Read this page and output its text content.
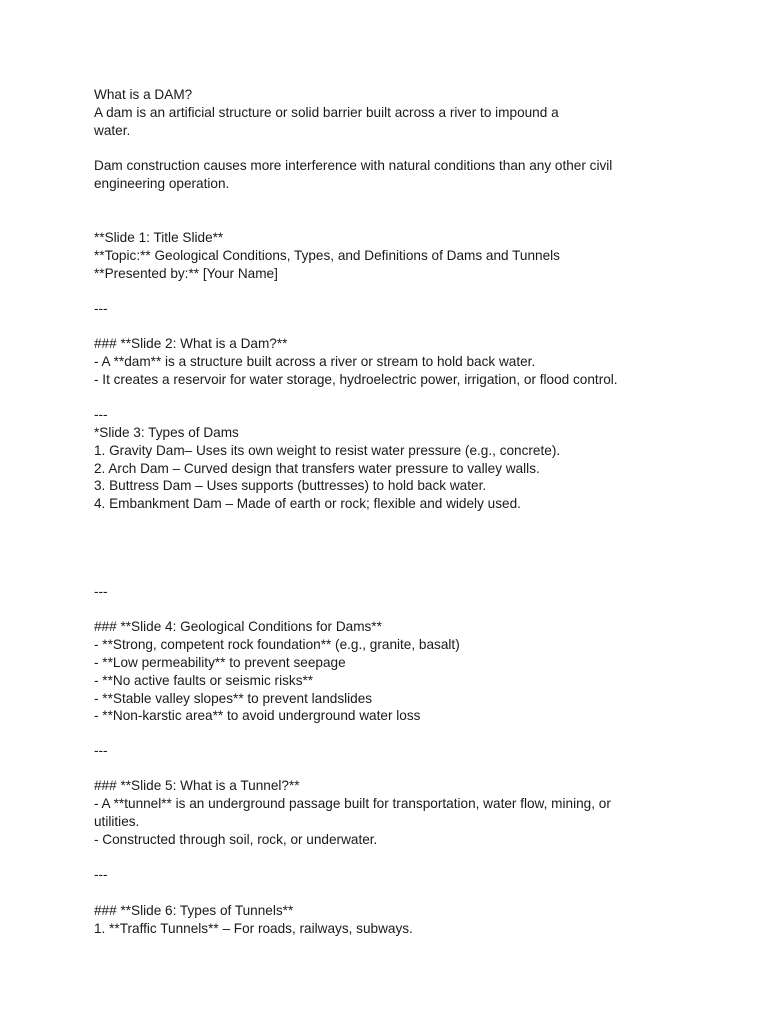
What is a DAM?
A dam is an artificial structure or solid barrier built across a river to impound a
water.
Dam construction causes more interference with natural conditions than any other civil
engineering operation.
**Slide 1: Title Slide**
**Topic:** Geological Conditions, Types, and Definitions of Dams and Tunnels
**Presented by:** [Your Name]
---
### **Slide 2: What is a Dam?**
- A **dam** is a structure built across a river or stream to hold back water.
- It creates a reservoir for water storage, hydroelectric power, irrigation, or flood control.
---
*Slide 3: Types of Dams
1. Gravity Dam– Uses its own weight to resist water pressure (e.g., concrete).
2. Arch Dam – Curved design that transfers water pressure to valley walls.
3. Buttress Dam – Uses supports (buttresses) to hold back water.
4. Embankment Dam – Made of earth or rock; flexible and widely used.
---
### **Slide 4: Geological Conditions for Dams**
- **Strong, competent rock foundation** (e.g., granite, basalt)
- **Low permeability** to prevent seepage
- **No active faults or seismic risks**
- **Stable valley slopes** to prevent landslides
- **Non-karstic area** to avoid underground water loss
---
### **Slide 5: What is a Tunnel?**
- A **tunnel** is an underground passage built for transportation, water flow, mining, or
utilities.
- Constructed through soil, rock, or underwater.
---
### **Slide 6: Types of Tunnels**
1. **Traffic Tunnels** – For roads, railways, subways.
